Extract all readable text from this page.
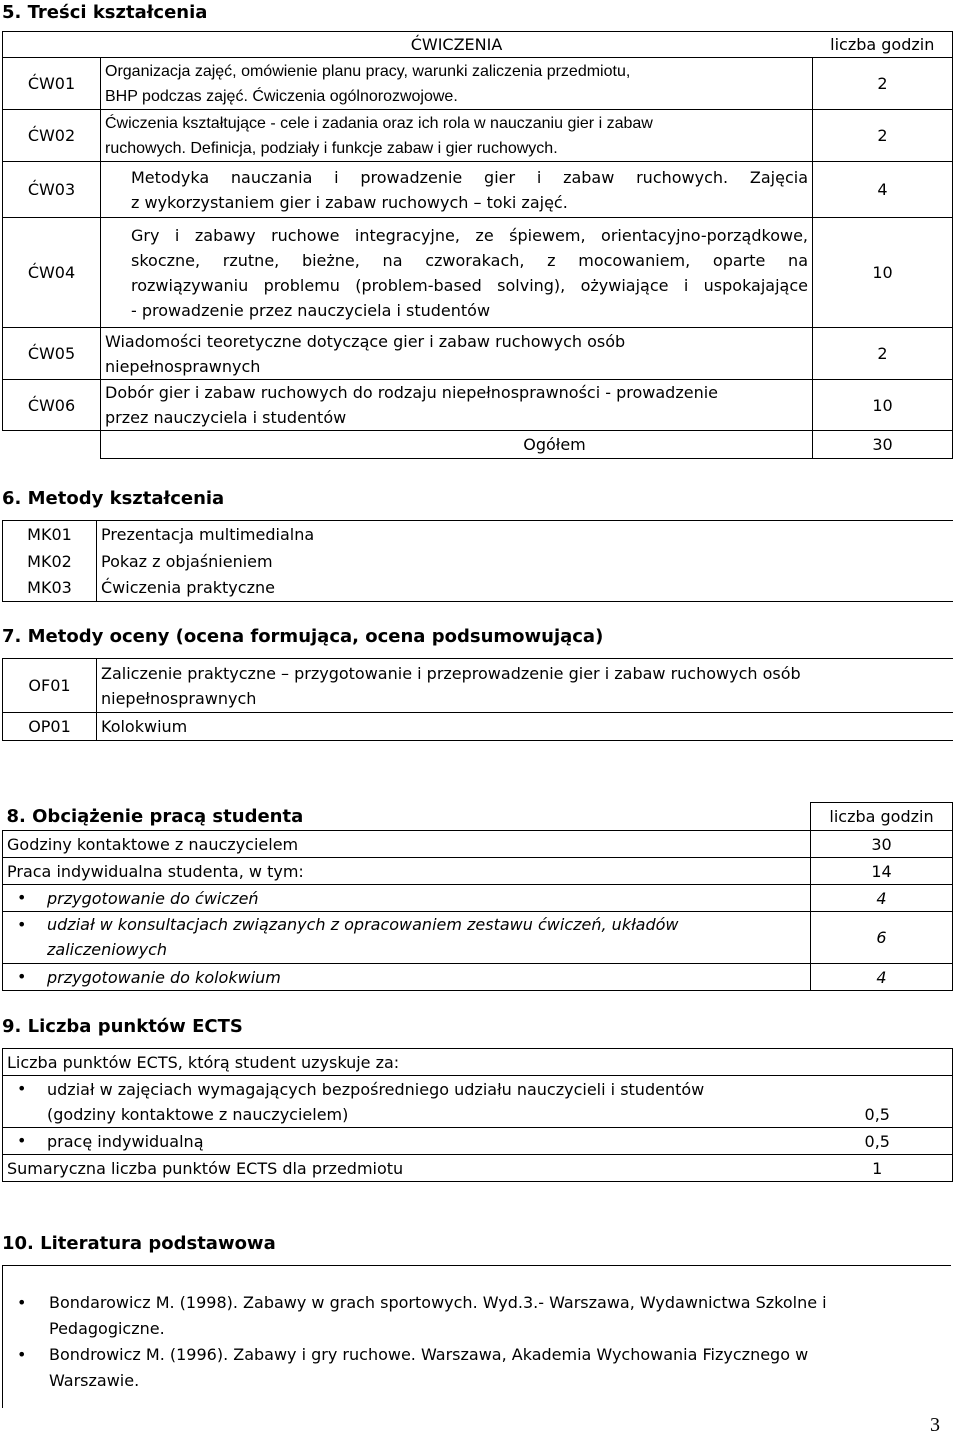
5. Treści kształcenia
	ĆWICZENIA	liczba godzin
ĆW01	Organizacja zajęć, omówienie planu pracy, warunki zaliczenia przedmiotu,
BHP podczas zajęć. Ćwiczenia ogólnorozwojowe.	2
ĆW02	Ćwiczenia kształtujące - cele i zadania oraz ich rola w nauczaniu gier i zabaw
ruchowych. Definicja, podziały i funkcje zabaw i gier ruchowych.	2
ĆW03	Metodyka nauczania i prowadzenie gier i zabaw ruchowych. Zajęcia
z wykorzystaniem gier i zabaw ruchowych – toki zajęć.	4
ĆW04	Gry i zabawy ruchowe integracyjne, ze śpiewem, orientacyjno-porządkowe,
skoczne, rzutne, bieżne, na czworakach, z mocowaniem, oparte na
rozwiązywaniu problemu (problem-based solving), ożywiające i uspokajające
- prowadzenie przez nauczyciela i studentów	10
ĆW05	Wiadomości teoretyczne dotyczące gier i zabaw ruchowych osób
niepełnosprawnych	2
ĆW06	Dobór gier i zabaw ruchowych do rodzaju niepełnosprawności - prowadzenie
przez nauczyciela i studentów	10
	Ogółem	30
6. Metody kształcenia
MK01	Prezentacja multimedialna
MK02	Pokaz z objaśnieniem
MK03	Ćwiczenia praktyczne
7. Metody oceny (ocena formująca, ocena podsumowująca)
OF01	Zaliczenie praktyczne – przygotowanie i przeprowadzenie gier i zabaw ruchowych osób
niepełnosprawnych

OP01	Kolokwium
8. Obciążenie pracą studenta	liczba godzin
Godziny kontaktowe z nauczycielem	30
Praca indywidualna studenta, w tym:	14
• przygotowanie do ćwiczeń	4

• udział w konsultacjach związanych z opracowaniem zestawu ćwiczeń, układów
zaliczeniowych	6
• przygotowanie do kolokwium	4
9. Liczba punktów ECTS
Liczba punktów ECTS, którą student uzyskuje za:	

• udział w zajęciach wymagających bezpośredniego udziału nauczycieli i studentów
(godziny kontaktowe z nauczycielem)	0,5
• pracę indywidualną	0,5
Sumaryczna liczba punktów ECTS dla przedmiotu	1
10. Literatura podstawowa
• Bondarowicz M. (1998). Zabawy w grach sportowych. Wyd.3.- Warszawa, Wydawnictwa Szkolne i
Pedagogiczne.
• Bondrowicz M. (1996). Zabawy i gry ruchowe. Warszawa, Akademia Wychowania Fizycznego w
Warszawie.
3
